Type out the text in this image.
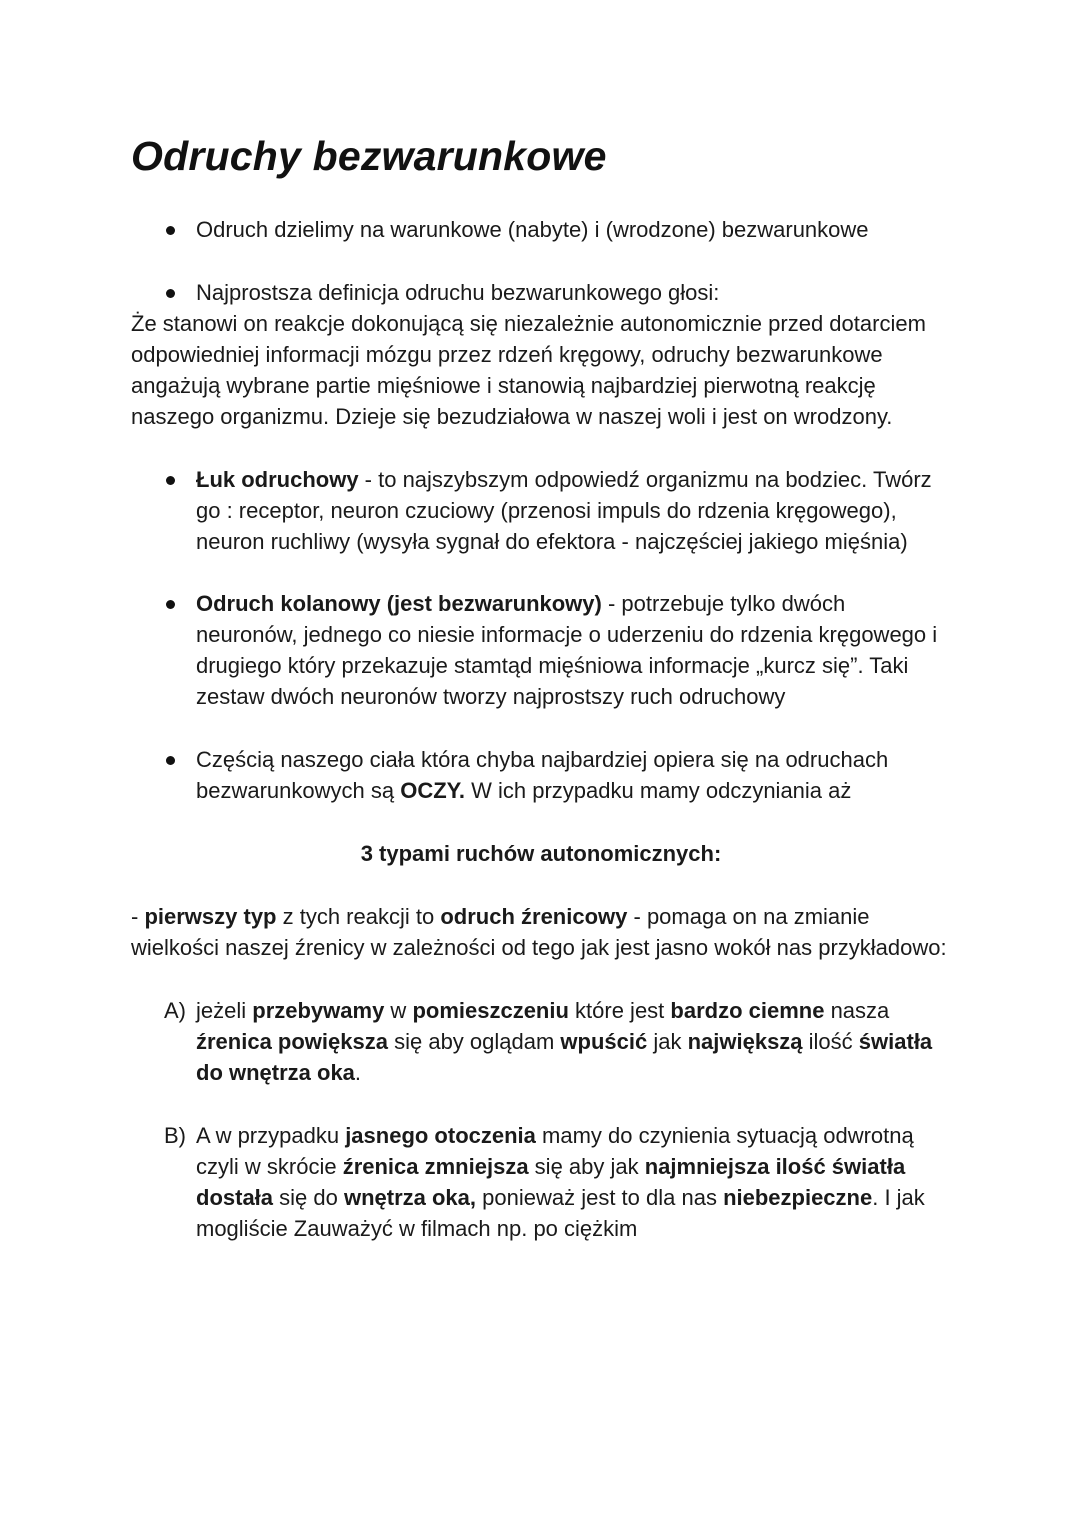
Odruchy bezwarunkowe
Odruch dzielimy na warunkowe (nabyte) i (wrodzone) bezwarunkowe
Najprostsza definicja odruchu bezwarunkowego głosi:

Że stanowi on reakcje dokonującą się niezależnie autonomicznie przed dotarciem odpowiedniej informacji mózgu przez rdzeń kręgowy, odruchy bezwarunkowe angażują wybrane partie mięśniowe i stanowią najbardziej pierwotną reakcję naszego organizmu. Dzieje się bezudziałowa w naszej woli i jest on wrodzony.

Łuk odruchowy - to najszybszym odpowiedź organizmu na bodziec. Twórz go : receptor, neuron czuciowy (przenosi impuls do rdzenia kręgowego), neuron ruchliwy (wysyła sygnał do efektora - najczęściej jakiego mięśnia)
Odruch kolanowy (jest bezwarunkowy) - potrzebuje tylko dwóch neuronów, jednego co niesie informacje o uderzeniu do rdzenia kręgowego i drugiego który przekazuje stamtąd mięśniowa informacje „kurcz się”. Taki zestaw dwóch neuronów tworzy najprostszy ruch odruchowy
Częścią naszego ciała która chyba najbardziej opiera się na odruchach bezwarunkowych są OCZY. W ich przypadku mamy odczyniania aż

3 typami ruchów autonomicznych:

- pierwszy typ z tych reakcji to odruch źrenicowy - pomaga on na zmianie wielkości naszej źrenicy w zależności od tego jak jest jasno wokół nas przykładowo:

A) jeżeli przebywamy w pomieszczeniu które jest bardzo ciemne nasza źrenica powiększa się aby oglądam wpuścić jak największą ilość światła do wnętrza oka.
B) A w przypadku jasnego otoczenia mamy do czynienia sytuacją odwrotną czyli w skrócie źrenica zmniejsza się aby jak najmniejsza ilość światła dostała się do wnętrza oka, ponieważ jest to dla nas niebezpieczne. I jak mogliście Zauważyć w filmach np. po ciężkim
